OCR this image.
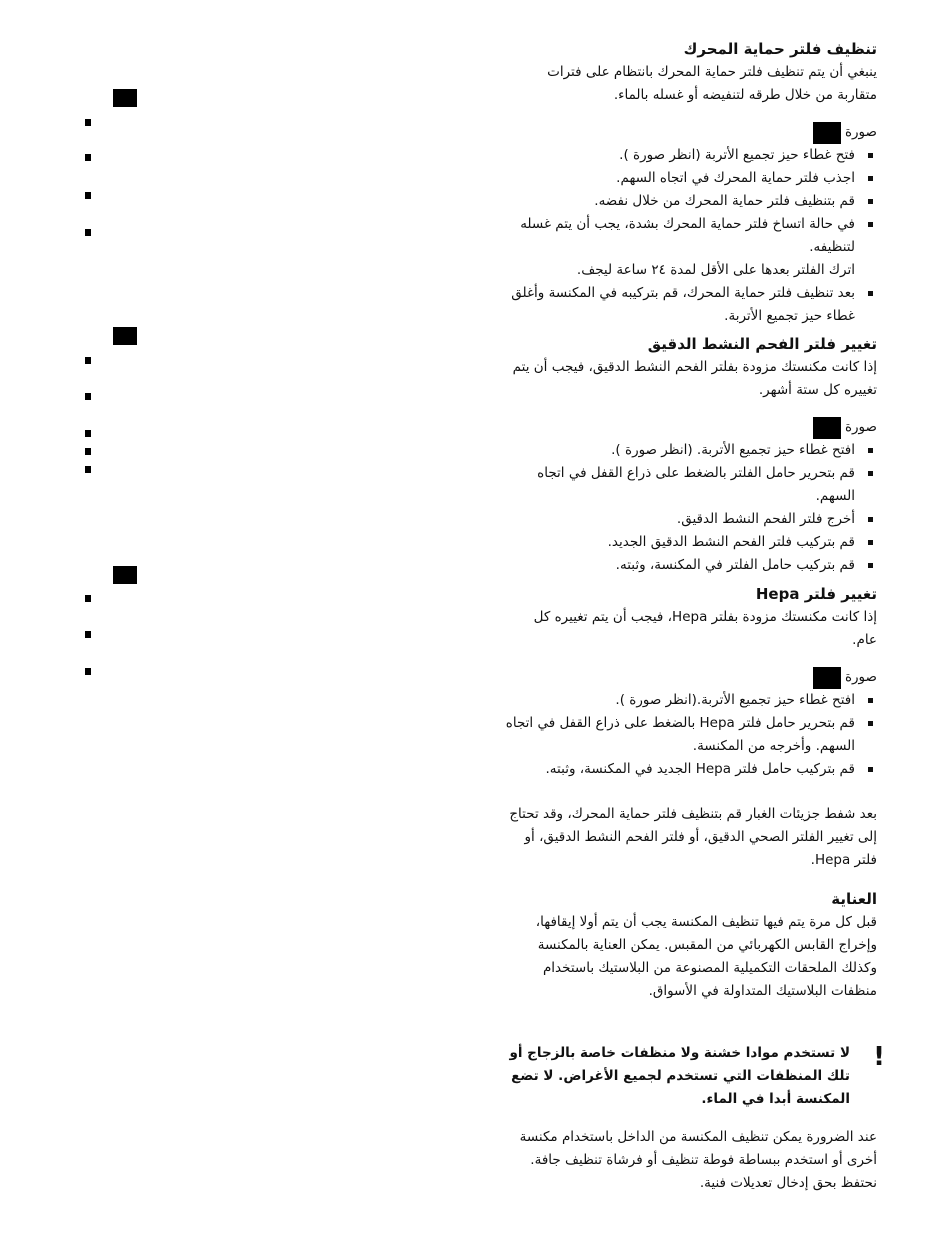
تنظيف فلتر حماية المحرك

ينبغي أن يتم تنظيف فلتر حماية المحرك بانتظام على فترات متقاربة من خلال طرقه لتنفيضه أو غسله بالماء.

صورة
فتح غطاء حيز تجميع الأتربة (انظر صورة ).
اجذب فلتر حماية المحرك في اتجاه السهم.
قم بتنظيف فلتر حماية المحرك من خلال نفضه.
في حالة اتساخ فلتر حماية المحرك بشدة، يجب أن يتم غسله لتنظيفه.

اترك الفلتر بعدها على الأقل لمدة ٢٤ ساعة ليجف.

بعد تنظيف فلتر حماية المحرك، قم بتركيبه في المكنسة وأغلق غطاء حيز تجميع الأتربة.
تغيير فلتر الفحم النشط الدقيق

إذا كانت مكنستك مزودة بفلتر الفحم النشط الدقيق، فيجب أن يتم تغييره كل ستة أشهر.

صورة
افتح غطاء حيز تجميع الأتربة. (انظر صورة ).
قم بتحرير حامل الفلتر بالضغط على ذراع القفل في اتجاه السهم.
أخرج فلتر الفحم النشط الدقيق.
قم بتركيب فلتر الفحم النشط الدقيق الجديد.
قم بتركيب حامل الفلتر في المكنسة، وثبته.
تغيير فلتر Hepa

إذا كانت مكنستك مزودة بفلتر Hepa، فيجب أن يتم تغييره كل عام.

صورة
افتح غطاء حيز تجميع الأتربة.(انظر صورة ).
قم بتحرير حامل فلتر Hepa بالضغط على ذراع القفل في اتجاه السهم. وأخرجه من المكنسة.
قم بتركيب حامل فلتر Hepa الجديد في المكنسة، وثبته.

بعد شفط جزيئات الغبار قم بتنظيف فلتر حماية المحرك، وقد تحتاج إلى تغيير الفلتر الصحي الدقيق، أو فلتر الفحم النشط الدقيق، أو فلتر Hepa.

العناية

قبل كل مرة يتم فيها تنظيف المكنسة يجب أن يتم أولا إيقافها، وإخراج القابس الكهربائي من المقبس. يمكن العناية بالمكنسة وكذلك الملحقات التكميلية المصنوعة من البلاستيك باستخدام منظفات البلاستيك المتداولة في الأسواق.

!

لا تستخدم موادا خشنة ولا منظفات خاصة بالزجاج أو تلك المنظفات التي تستخدم لجميع الأغراض. لا تضع المكنسة أبدا في الماء.

عند الضرورة يمكن تنظيف المكنسة من الداخل باستخدام مكنسة أخرى أو استخدم ببساطة فوطة تنظيف أو فرشاة تنظيف جافة.

نحتفظ بحق إدخال تعديلات فنية.
